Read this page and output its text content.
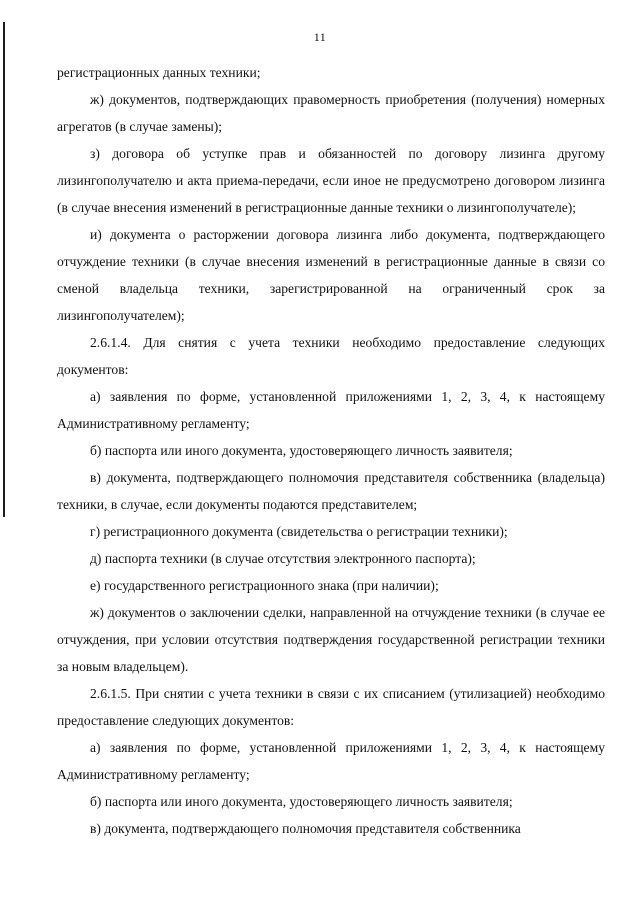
11

регистрационных данных техники;

ж) документов, подтверждающих правомерность приобретения (получения) номерных агрегатов (в случае замены);

з) договора об уступке прав и обязанностей по договору лизинга другому лизингополучателю и акта приема-передачи, если иное не предусмотрено договором лизинга (в случае внесения изменений в регистрационные данные техники о лизингополучателе);

и) документа о расторжении договора лизинга либо документа, подтверждающего отчуждение техники (в случае внесения изменений в регистрационные данные в связи со сменой владельца техники, зарегистрированной на ограниченный срок за лизингополучателем);

2.6.1.4. Для снятия с учета техники необходимо предоставление следующих документов:

а) заявления по форме, установленной приложениями 1, 2, 3, 4, к настоящему Административному регламенту;

б) паспорта или иного документа, удостоверяющего личность заявителя;

в) документа, подтверждающего полномочия представителя собственника (владельца) техники, в случае, если документы подаются представителем;

г) регистрационного документа (свидетельства о регистрации техники);

д) паспорта техники (в случае отсутствия электронного паспорта);

е) государственного регистрационного знака (при наличии);

ж) документов о заключении сделки, направленной на отчуждение техники (в случае ее отчуждения, при условии отсутствия подтверждения государственной регистрации техники за новым владельцем).

2.6.1.5. При снятии с учета техники в связи с их списанием (утилизацией) необходимо предоставление следующих документов:

а) заявления по форме, установленной приложениями 1, 2, 3, 4, к настоящему Административному регламенту;

б) паспорта или иного документа, удостоверяющего личность заявителя;

в) документа, подтверждающего полномочия представителя собственника
